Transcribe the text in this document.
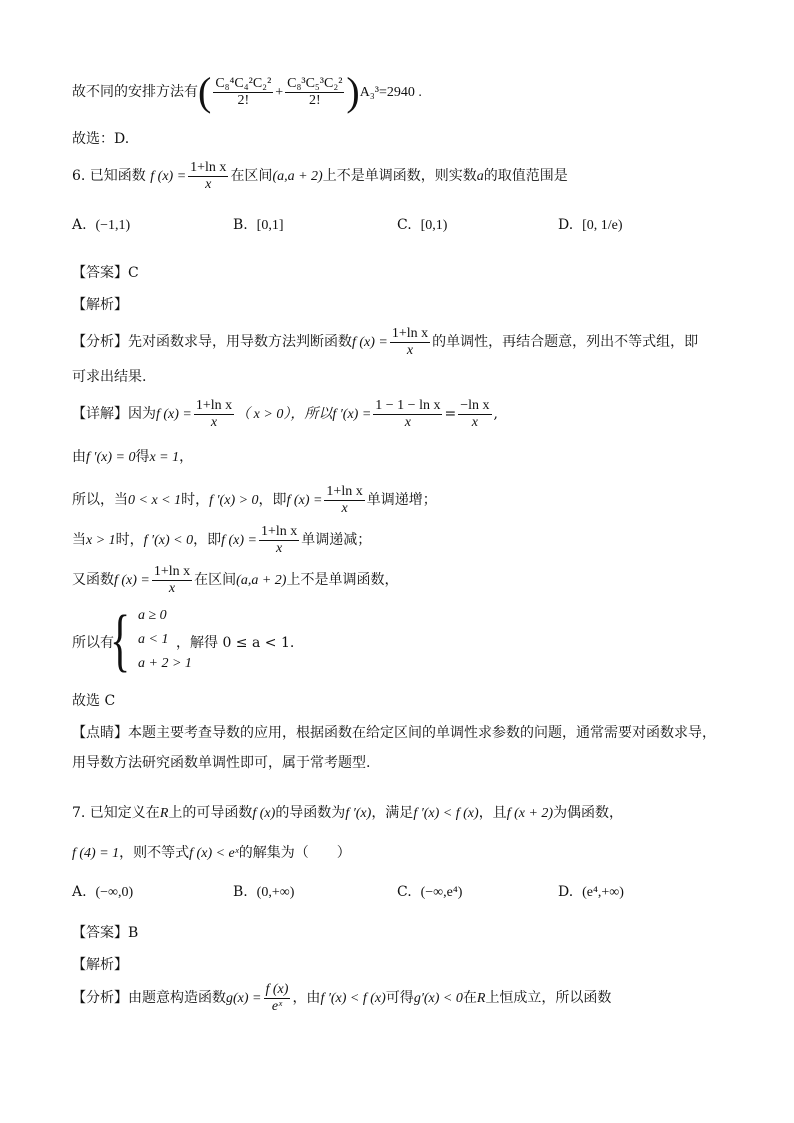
故不同的安排方法有( $\frac{\text{C₈⁴C₄²C₂²}}{2!} + \frac{\text{C₈³C₅³C₂²}}{2!} )A_3^3=2940$ .
故选：D.
6. 已知函数 f $(x) = \frac{\text{1+ln x}}{x}$ 在区间(a,a + 2)上不是单调函数，则实数a的取值范围是
A. (−1,1)	B. [0,1]	C. [0,1)	D. [0, 1/e)
【答案】C
【解析】
【分析】先对函数求导，用导数方法判断函数f $(x) = \frac{\text{1+ln x}}{x}$ 的单调性，再结合题意，列出不等式组，即
可求出结果.
【详解】因为f $(x) = \frac{\text{1+ln x}}{x}$ （ x > 0），所以f $'(x) = \frac{\text{1 − 1 − ln x}}{x} = \frac{\text{−ln x}}{x}$ ,
由f ′(x) = 0得x = 1，
所以，当0 < x < 1时，f ′(x) > 0，即f $(x) = \frac{\text{1+ln x}}{x}$ 单调递增；
当x > 1时，f ′(x) < 0，即f $(x) = \frac{\text{1+ln x}}{x}$ 单调递减；
又函数f $(x) = \frac{\text{1+ln x}}{x}$ 在区间(a,a + 2)上不是单调函数，
所以有
{ a ≥ 0
a < 1
a + 2 > 1
，解得 0 ≤ a < 1.
故选 C
【点睛】本题主要考查导数的应用，根据函数在给定区间的单调性求参数的问题，通常需要对函数求导，
用导数方法研究函数单调性即可，属于常考题型.
7. 已知定义在R上的可导函数f (x)的导函数为f ′(x)，满足f ′(x) < f (x)，且f (x + 2)为偶函数，
f (4) = 1，则不等式f (x) < eˣ的解集为（　　）
A. (−∞,0)	B. (0,+∞)	C. (−∞,e⁴)	D. (e⁴,+∞)
【答案】B
【解析】
【分析】由题意构造函数$g(x) = \frac{f (x)}{\text{eˣ}}$ ，由f ′(x) < f (x)可得g′(x) < 0在R上恒成立，所以函数
